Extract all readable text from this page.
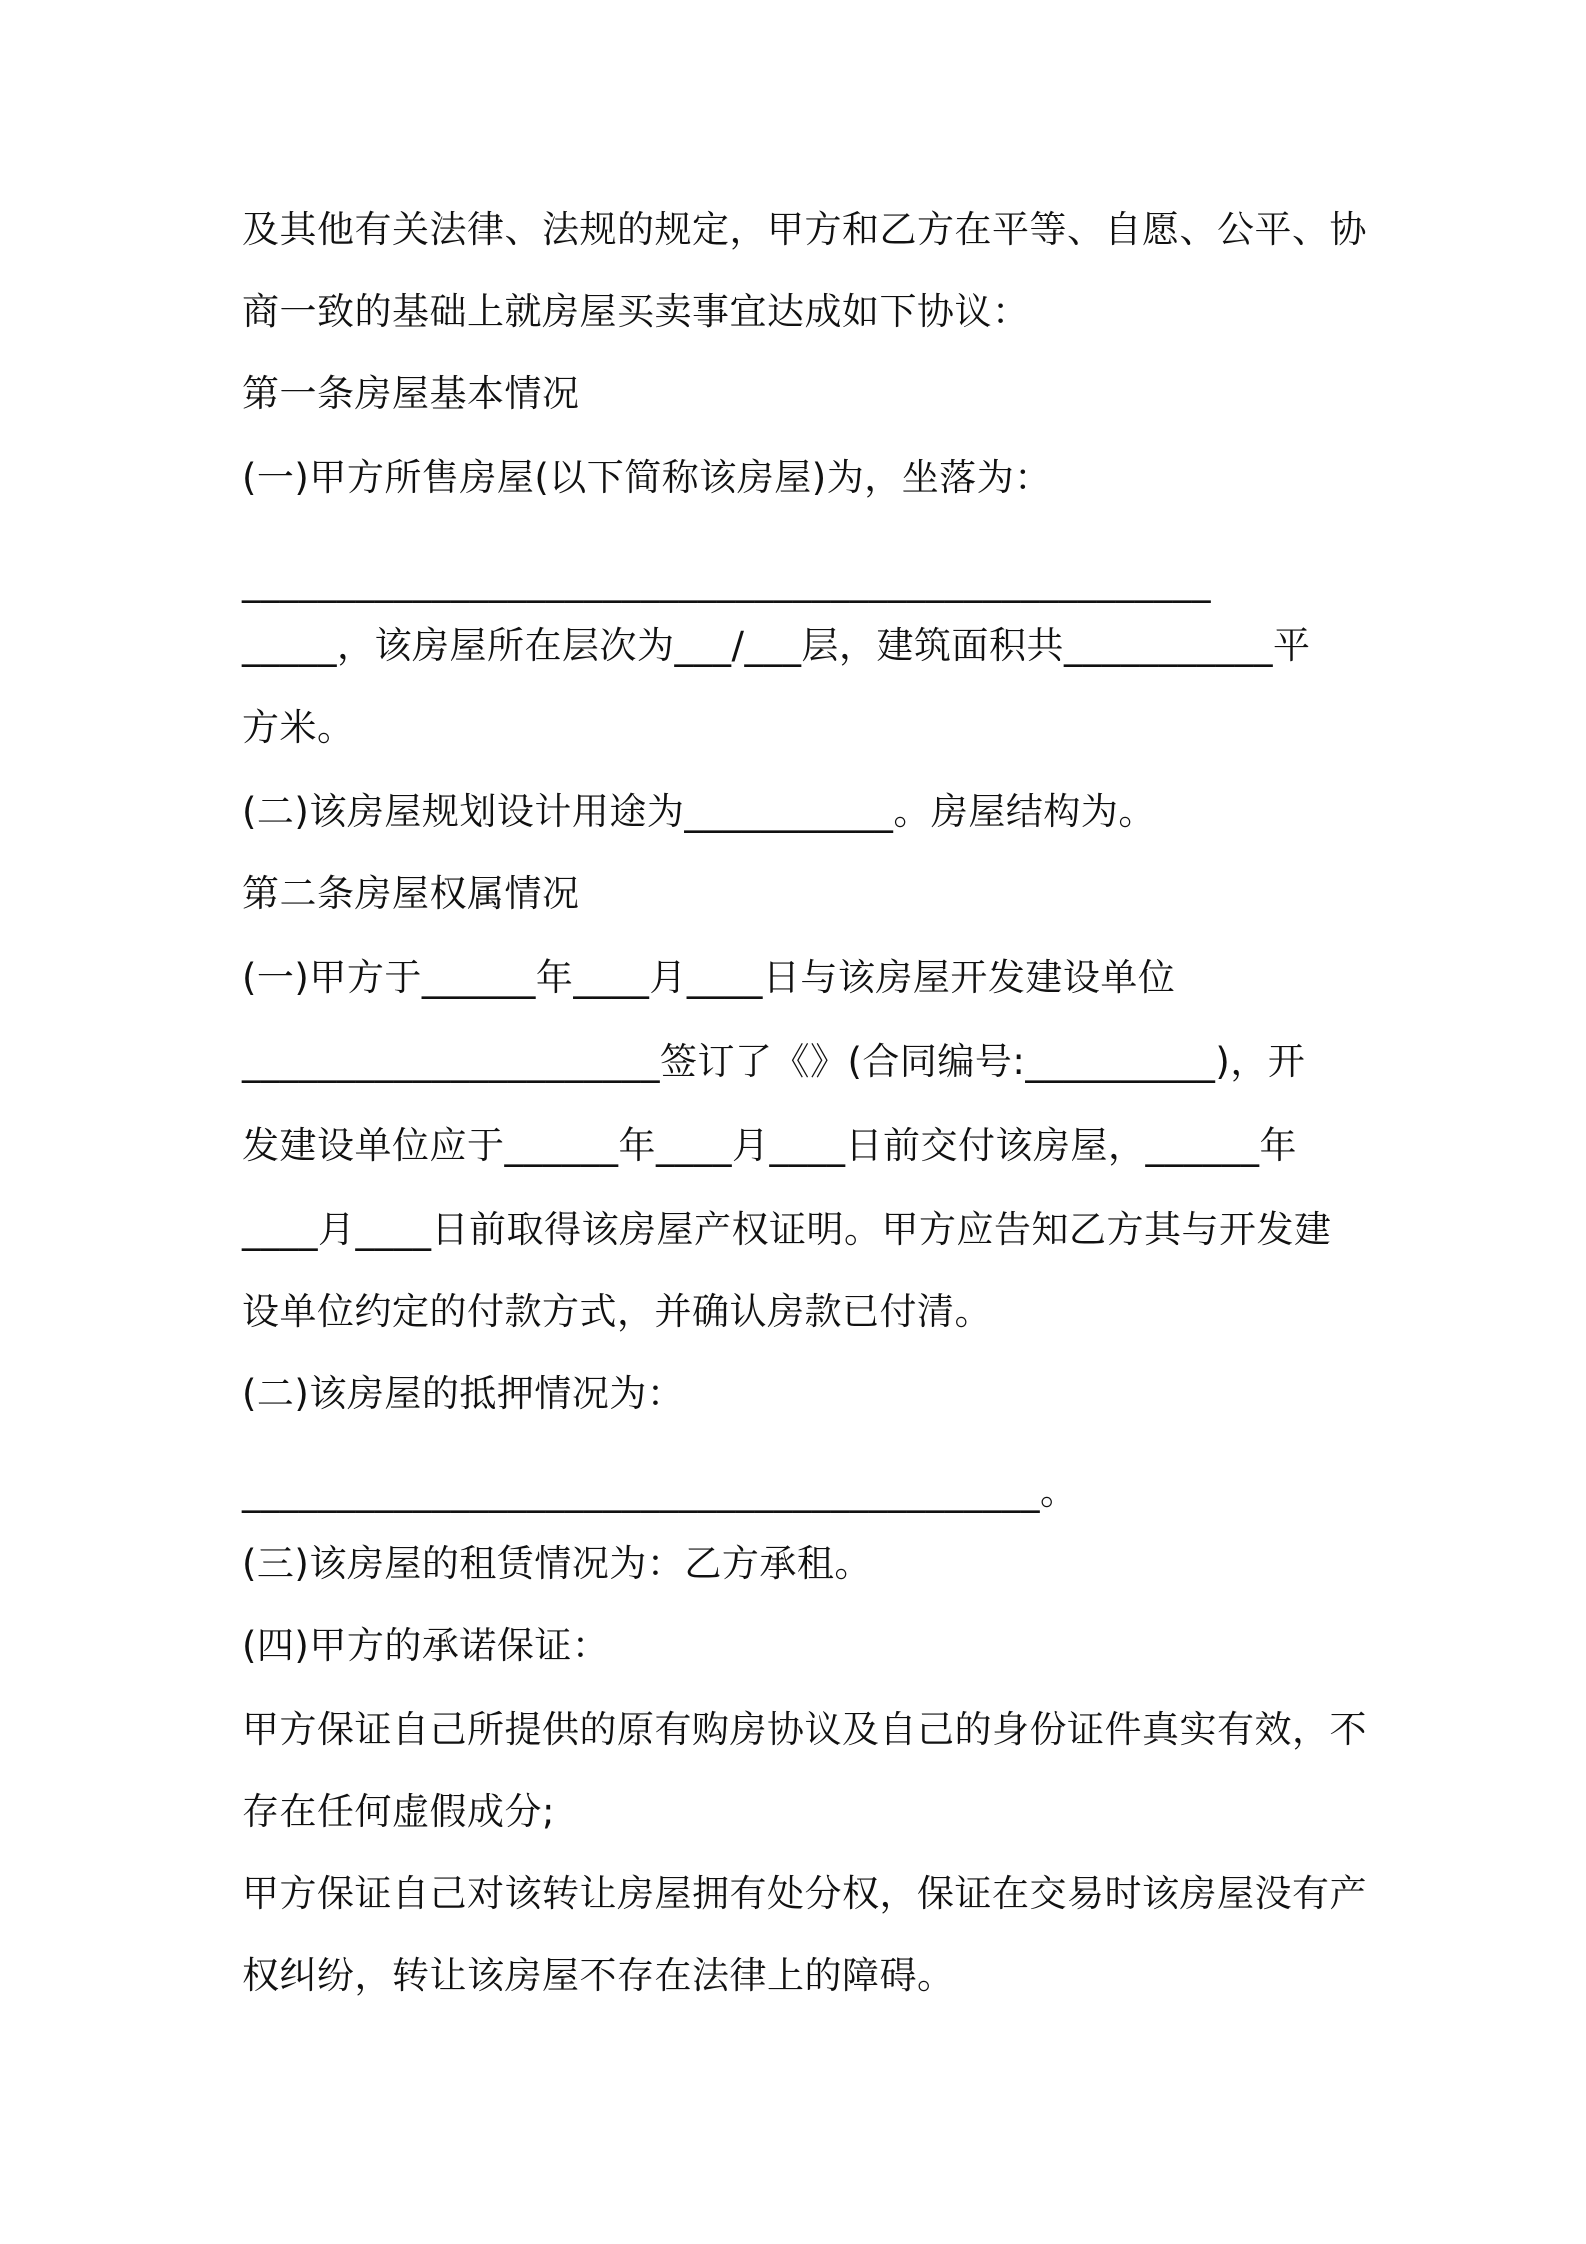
及其他有关法律、法规的规定，甲方和乙方在平等、自愿、公平、协
商一致的基础上就房屋买卖事宜达成如下协议：
第一条房屋基本情况
(一)甲方所售房屋(以下简称该房屋)为，坐落为：
___________________________________________________
_____，该房屋所在层次为___/___层，建筑面积共___________平
方米。
(二)该房屋规划设计用途为___________。房屋结构为。
第二条房屋权属情况
(一)甲方于______年____月____日与该房屋开发建设单位
______________________签订了《》(合同编号:__________)，开
发建设单位应于______年____月____日前交付该房屋，______年
____月____日前取得该房屋产权证明。甲方应告知乙方其与开发建
设单位约定的付款方式，并确认房款已付清。
(二)该房屋的抵押情况为：
__________________________________________。
(三)该房屋的租赁情况为：乙方承租。
(四)甲方的承诺保证：
甲方保证自己所提供的原有购房协议及自己的身份证件真实有效，不
存在任何虚假成分;
甲方保证自己对该转让房屋拥有处分权，保证在交易时该房屋没有产
权纠纷，转让该房屋不存在法律上的障碍。
